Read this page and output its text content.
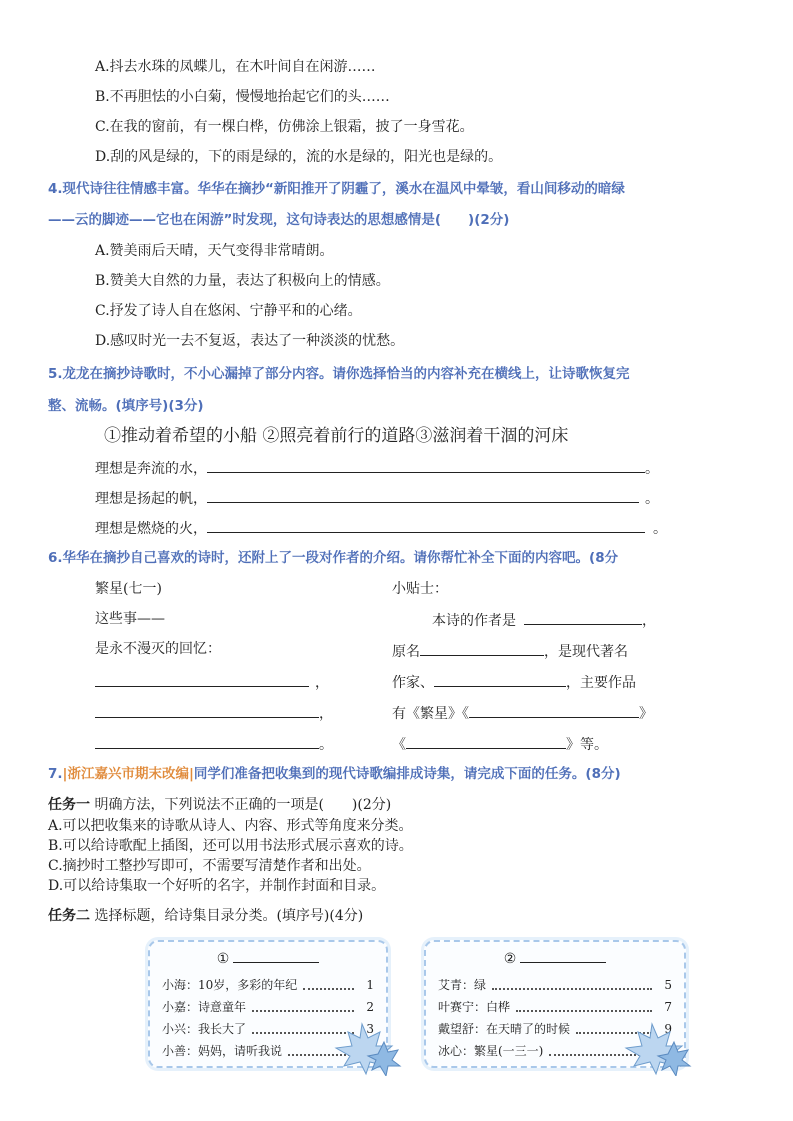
A.抖去水珠的凤蝶儿，在木叶间自在闲游……
B.不再胆怯的小白菊，慢慢地抬起它们的头……
C.在我的窗前，有一棵白桦，仿佛涂上银霜，披了一身雪花。
D.刮的风是绿的，下的雨是绿的，流的水是绿的，阳光也是绿的。
4.现代诗往往情感丰富。华华在摘抄“新阳推开了阴霾了，溪水在温风中晕皱，看山间移动的暗绿
——云的脚迹——它也在闲游”时发现，这句诗表达的思想感情是(　　)(2分)
A.赞美雨后天晴，天气变得非常晴朗。
B.赞美大自然的力量，表达了积极向上的情感。
C.抒发了诗人自在悠闲、宁静平和的心绪。
D.感叹时光一去不复返，表达了一种淡淡的忧愁。
5.龙龙在摘抄诗歌时，不小心漏掉了部分内容。请你选择恰当的内容补充在横线上，让诗歌恢复完
整、流畅。(填序号)(3分)
①推动着希望的小船 ②照亮着前行的道路③滋润着干涸的河床
理想是奔流的水，	。
理想是扬起的帆，	。
理想是燃烧的火，	。
6.华华在摘抄自己喜欢的诗时，还附上了一段对作者的介绍。请你帮忙补全下面的内容吧。(8分
繁星(七一)
这些事——
是永不漫灭的回忆：
，
，
。
小贴士：
本诗的作者是	，
原名	，是现代著名
作家、	，主要作品
有《繁星》《	》
《	》等。
7.|浙江嘉兴市期末改编|同学们准备把收集到的现代诗歌编排成诗集，请完成下面的任务。(8分)
任务一 明确方法，下列说法不正确的一项是(　　)(2分)
A.可以把收集来的诗歌从诗人、内容、形式等角度来分类。
B.可以给诗歌配上插图，还可以用书法形式展示喜欢的诗。
C.摘抄时工整抄写即可，不需要写清楚作者和出处。
D.可以给诗集取一个好听的名字，并制作封面和目录。
任务二 选择标题，给诗集目录分类。(填序号)(4分)
①
小海：10岁，多彩的年纪	1
小嘉：诗意童年	2
小兴：我长大了	3
小善：妈妈，请听我说
②
艾青：绿	5
叶赛宁：白桦	7
戴望舒：在天晴了的时候	9
冰心：繁星(一三一)
